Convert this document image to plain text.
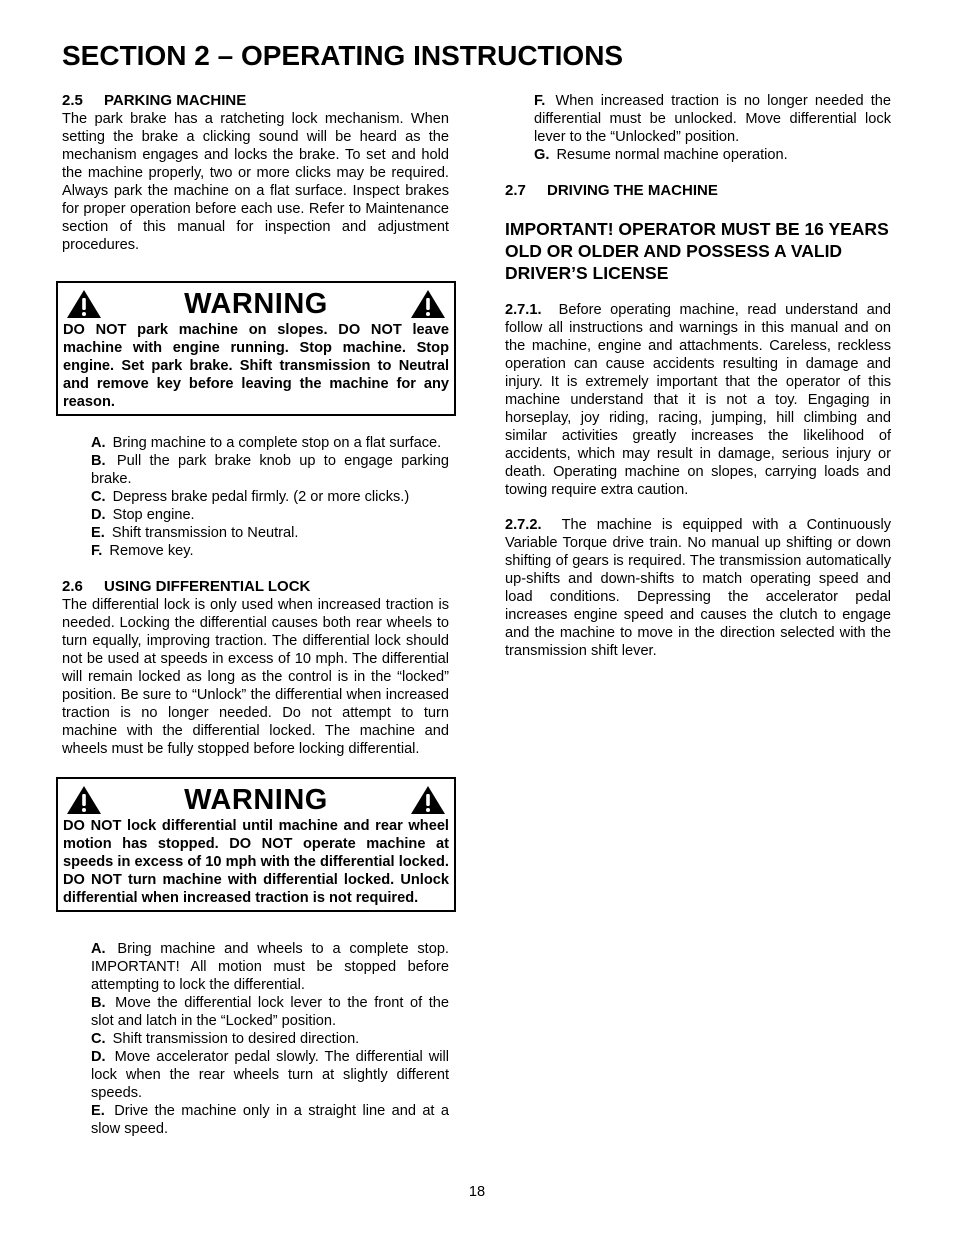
SECTION 2 – OPERATING INSTRUCTIONS
2.5 PARKING MACHINE

The park brake has a ratcheting lock mechanism. When setting the brake a clicking sound will be heard as the mechanism engages and locks the brake. To set and hold the machine properly, two or more clicks may be required. Always park the machine on a flat surface. Inspect brakes for proper operation before each use. Refer to Maintenance section of this manual for inspection and adjustment procedures.

WARNING
DO NOT park machine on slopes. DO NOT leave machine with engine running. Stop machine. Stop engine. Set park brake. Shift transmission to Neutral and remove key before leaving the machine for any reason.
A. Bring machine to a complete stop on a flat surface.
B. Pull the park brake knob up to engage parking brake.
C. Depress brake pedal firmly. (2 or more clicks.)
D. Stop engine.
E. Shift transmission to Neutral.
F. Remove key.
2.6 USING DIFFERENTIAL LOCK

The differential lock is only used when increased traction is needed. Locking the differential causes both rear wheels to turn equally, improving traction. The differential lock should not be used at speeds in excess of 10 mph. The differential will remain locked as long as the control is in the “locked” position. Be sure to “Unlock” the differential when increased traction is no longer needed. Do not attempt to turn machine with the differential locked. The machine and wheels must be fully stopped before locking differential.

WARNING
DO NOT lock differential until machine and rear wheel motion has stopped. DO NOT operate machine at speeds in excess of 10 mph with the differential locked. DO NOT turn machine with differential locked. Unlock differential when increased traction is not required.
A. Bring machine and wheels to a complete stop. IMPORTANT! All motion must be stopped before attempting to lock the differential.
B. Move the differential lock lever to the front of the slot and latch in the “Locked” position.
C. Shift transmission to desired direction.
D. Move accelerator pedal slowly. The differential will lock when the rear wheels turn at slightly different speeds.
E. Drive the machine only in a straight line and at a slow speed.
F. When increased traction is no longer needed the differential must be unlocked. Move differential lock lever to the “Unlocked” position.
G. Resume normal machine operation.
2.7 DRIVING THE MACHINE
IMPORTANT! OPERATOR MUST BE 16 YEARS OLD OR OLDER AND POSSESS A VALID DRIVER’S LICENSE

2.7.1. Before operating machine, read understand and follow all instructions and warnings in this manual and on the machine, engine and attachments. Careless, reckless operation can cause accidents resulting in damage and injury. It is extremely important that the operator of this machine understand that it is not a toy. Engaging in horseplay, joy riding, racing, jumping, hill climbing and similar activities greatly increases the likelihood of accidents, which may result in damage, serious injury or death. Operating machine on slopes, carrying loads and towing require extra caution.

2.7.2. The machine is equipped with a Continuously Variable Torque drive train. No manual up shifting or down shifting of gears is required. The transmission automatically up-shifts and down-shifts to match operating speed and load conditions. Depressing the accelerator pedal increases engine speed and causes the clutch to engage and the machine to move in the direction selected with the transmission shift lever.

18
